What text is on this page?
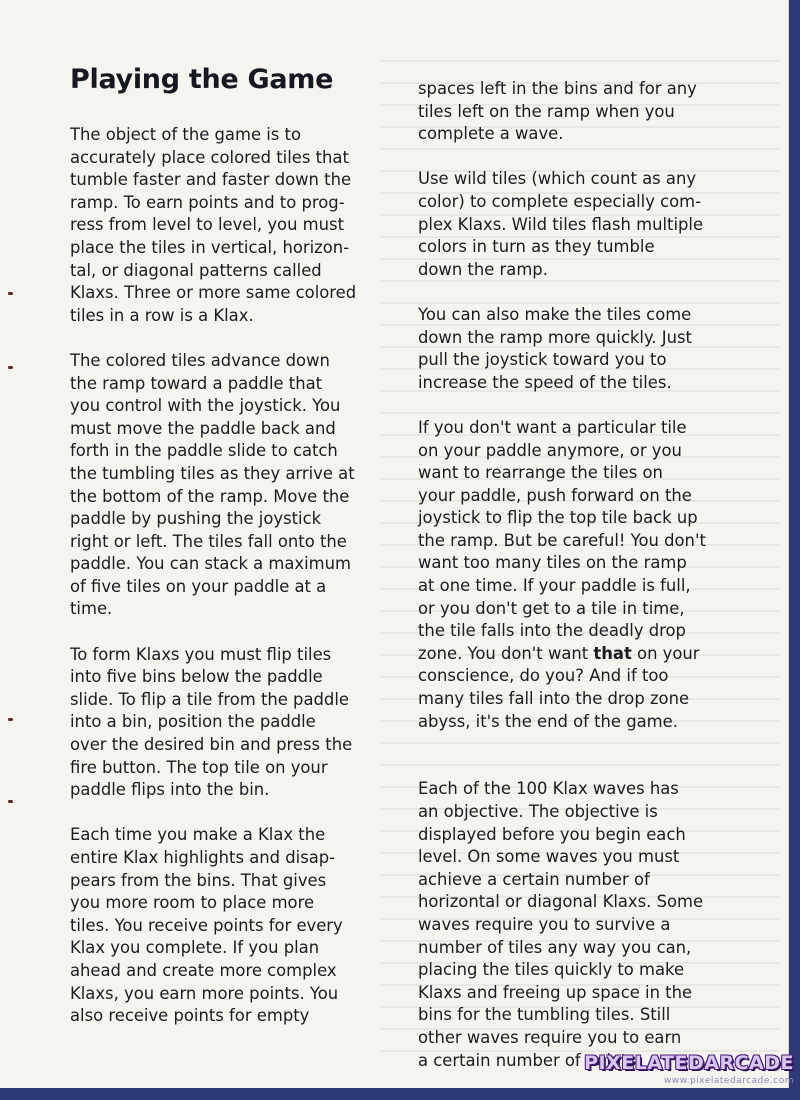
Playing the Game
The object of the game is to
accurately place colored tiles that
tumble faster and faster down the
ramp. To earn points and to prog-
ress from level to level, you must
place the tiles in vertical, horizon-
tal, or diagonal patterns called
Klaxs. Three or more same colored
tiles in a row is a Klax.
The colored tiles advance down
the ramp toward a paddle that
you control with the joystick. You
must move the paddle back and
forth in the paddle slide to catch
the tumbling tiles as they arrive at
the bottom of the ramp. Move the
paddle by pushing the joystick
right or left. The tiles fall onto the
paddle. You can stack a maximum
of five tiles on your paddle at a
time.
To form Klaxs you must flip tiles
into five bins below the paddle
slide. To flip a tile from the paddle
into a bin, position the paddle
over the desired bin and press the
fire button. The top tile on your
paddle flips into the bin.
Each time you make a Klax the
entire Klax highlights and disap-
pears from the bins. That gives
you more room to place more
tiles. You receive points for every
Klax you complete. If you plan
ahead and create more complex
Klaxs, you earn more points. You
also receive points for empty
spaces left in the bins and for any
tiles left on the ramp when you
complete a wave.
Use wild tiles (which count as any
color) to complete especially com-
plex Klaxs. Wild tiles flash multiple
colors in turn as they tumble
down the ramp.
You can also make the tiles come
down the ramp more quickly. Just
pull the joystick toward you to
increase the speed of the tiles.
If you don't want a particular tile
on your paddle anymore, or you
want to rearrange the tiles on
your paddle, push forward on the
joystick to flip the top tile back up
the ramp. But be careful! You don't
want too many tiles on the ramp
at one time. If your paddle is full,
or you don't get to a tile in time,
the tile falls into the deadly drop
zone. You don't want that on your
conscience, do you? And if too
many tiles fall into the drop zone
abyss, it's the end of the game.
Each of the 100 Klax waves has
an objective. The objective is
displayed before you begin each
level. On some waves you must
achieve a certain number of
horizontal or diagonal Klaxs. Some
waves require you to survive a
number of tiles any way you can,
placing the tiles quickly to make
Klaxs and freeing up space in the
bins for the tumbling tiles. Still
other waves require you to earn
a certain number of points.
PIXELATEDARCADE
www.pixelatedarcade.com
